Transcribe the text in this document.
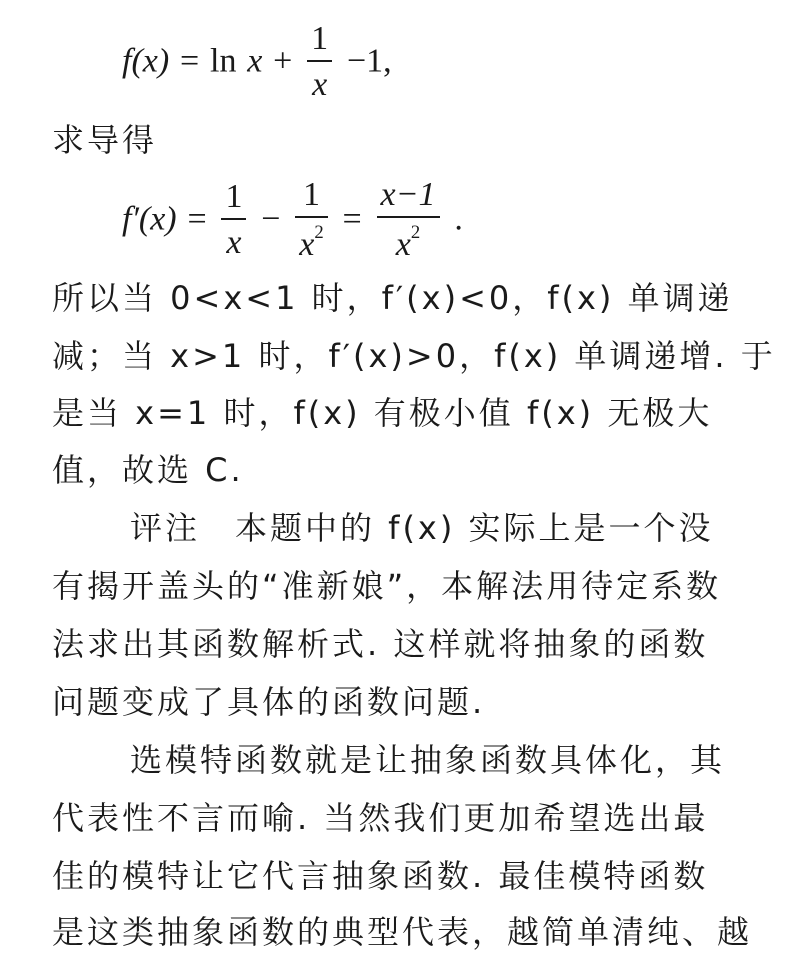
$f(x) = \ln x + \frac{1}{x} -1$,
求导得
$f'(x) = \frac{1}{x} - \frac{1}{x^2} = \frac{x-1}{x^2}$ .
所以当 0<x<1 时，f′(x)<0，f(x) 单调递
减；当 x>1 时，f′(x)>0，f(x) 单调递增. 于
是当 x=1 时，f(x) 有极小值 f(x) 无极大
值，故选 C.
评注　本题中的 f(x) 实际上是一个没
有揭开盖头的“准新娘”，本解法用待定系数
法求出其函数解析式. 这样就将抽象的函数
问题变成了具体的函数问题.
选模特函数就是让抽象函数具体化，其
代表性不言而喻. 当然我们更加希望选出最
佳的模特让它代言抽象函数. 最佳模特函数
是这类抽象函数的典型代表，越简单清纯、越
